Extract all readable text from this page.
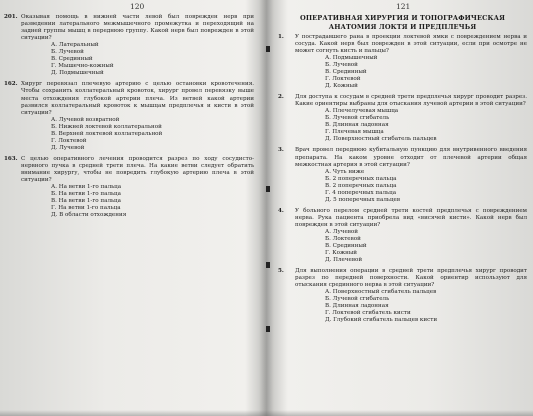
120
201. Оказывая помощь в нижней части левой был поврежден нерв при разведении латерального межмышечного промежутка и переходящий на задней группы мышц в переднюю группу. Какой нерв был поврежден в этой ситуации?
А. Латеральный
Б. Лучевой
В. Срединный
Г. Мышечно-кожный
Д. Подмышечный
162. Хирург перевязал плечевую артерию с целью остановки кровотечения. Чтобы сохранить коллатеральный кровоток, хирург провел перевязку выше места отхождения глубокой артерии плеча. Из ветвей какой артерии развился коллатеральный кровоток к мышцам предплечья и кисти в этой ситуации?
А. Лучевой возвратной
Б. Нижней локтевой коллатеральной
В. Верхней локтевой коллатеральной
Г. Локтевой
Д. Лучевой
163. С целью оперативного лечения проводится разрез по ходу сосудисто-нервного пучка в средней трети плеча. На какие ветви следует обратить внимание хирургу, чтобы не повредить глубокую артерию плеча в этой ситуации?
А. На ветви 1-го пальца
Б. На ветви 1-го пальца
В. На ветви 1-го пальца
Г. На ветви 1-го пальца
Д. В области отхождения
121
ОПЕРАТИВНАЯ ХИРУРГИЯ И ТОПОГРАФИЧЕСКАЯ АНАТОМИЯ ЛОКТЯ И ПРЕДПЛЕЧЬЯ
1.	У пострадавшего рана в проекции локтевой ямки с повреждением нерва и сосуда. Какой нерв был поврежден в этой ситуации, если при осмотре не может согнуть кисть и пальцы?
А. Подмышечный
Б. Лучевой
В. Срединный
Г. Локтевой
Д. Кожный
2.	Для доступа к сосудам в средней трети предплечья хирург проводит разрез. Какие ориентиры выбраны для отыскания лучевой артерии в этой ситуации?
А. Плечелучевая мышца
Б. Лучевой сгибатель
В. Длинная ладонная
Г. Плечевая мышца
Д. Поверхностный сгибатель пальцев
3.	Врач провел переднюю кубитальную пункцию для внутривенного введения препарата. На каком уровне отходит от плечевой артерии общая межкостная артерия в этой ситуации?
А. Чуть ниже
Б. 2 поперечных пальца
В. 2 поперечных пальца
Г. 4 поперечных пальца
Д. 5 поперечных пальцев
4.	У больного перелом средней трети костей предплечья с повреждением нерва. Рука пациента приобрела вид «висячей кисти». Какой нерв был поврежден в этой ситуации?
А. Лучевой
Б. Локтевой
В. Срединный
Г. Кожный
Д. Плечевой
5.	Для выполнения операции в средней трети предплечья хирург проводит разрез по передней поверхности. Какой ориентир используют для отыскания срединного нерва в этой ситуации?
А. Поверхностный сгибатель пальцев
Б. Лучевой сгибатель
В. Длинная ладонная
Г. Локтевой сгибатель кисти
Д. Глубокий сгибатель пальцев кисти
